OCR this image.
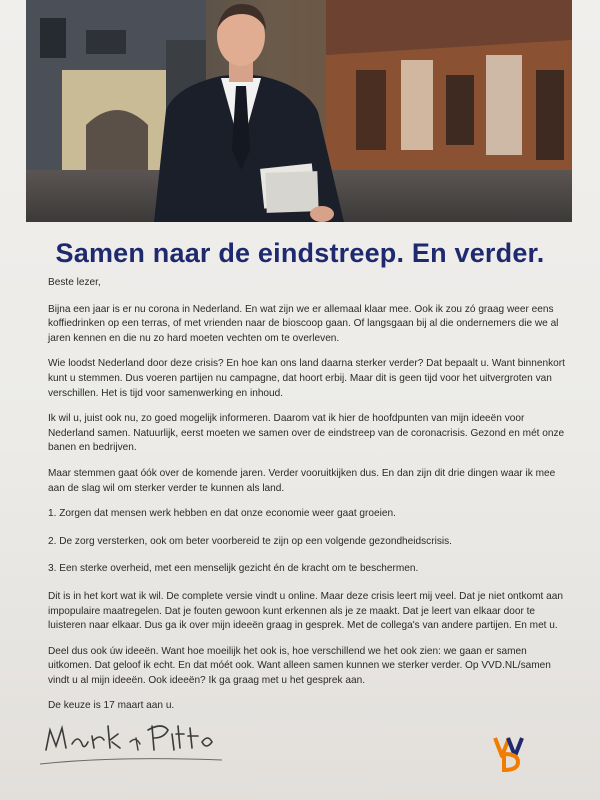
Samen naar de eindstreep. En verder.

Beste lezer,

Bijna een jaar is er nu corona in Nederland. En wat zijn we er allemaal klaar mee. Ook ik zou zó graag weer eens koffiedrinken op een terras, of met vrienden naar de bioscoop gaan. Of langsgaan bij al die ondernemers die we al jaren kennen en die nu zo hard moeten vechten om te overleven.

Wie loodst Nederland door deze crisis? En hoe kan ons land daarna sterker verder? Dat bepaalt u. Want binnenkort kunt u stemmen. Dus voeren partijen nu campagne, dat hoort erbij. Maar dit is geen tijd voor het uitvergroten van verschillen. Het is tijd voor samenwerking en inhoud.

Ik wil u, juist ook nu, zo goed mogelijk informeren. Daarom vat ik hier de hoofdpunten van mijn ideeën voor Nederland samen. Natuurlijk, eerst moeten we samen over de eindstreep van de coronacrisis. Gezond en mét onze banen en bedrijven.

Maar stemmen gaat óók over de komende jaren. Verder vooruitkijken dus. En dan zijn dit drie dingen waar ik mee aan de slag wil om sterker verder te kunnen als land.

1. Zorgen dat mensen werk hebben en dat onze economie weer gaat groeien.

2. De zorg versterken, ook om beter voorbereid te zijn op een volgende gezondheidscrisis.

3. Een sterke overheid, met een menselijk gezicht én de kracht om te beschermen.

Dit is in het kort wat ik wil. De complete versie vindt u online. Maar deze crisis leert mij veel. Dat je niet ontkomt aan impopulaire maatregelen. Dat je fouten gewoon kunt erkennen als je ze maakt. Dat je leert van elkaar door te luisteren naar elkaar. Dus ga ik over mijn ideeën graag in gesprek. Met de collega's van andere partijen. En met u.

Deel dus ook úw ideeën. Want hoe moeilijk het ook is, hoe verschillend we het ook zien: we gaan er samen uitkomen. Dat geloof ik echt. En dat móét ook. Want alleen samen kunnen we sterker verder. Op VVD.NL/samen vindt u al mijn ideeën. Ook ideeën? Ik ga graag met u het gesprek aan.

De keuze is 17 maart aan u.
